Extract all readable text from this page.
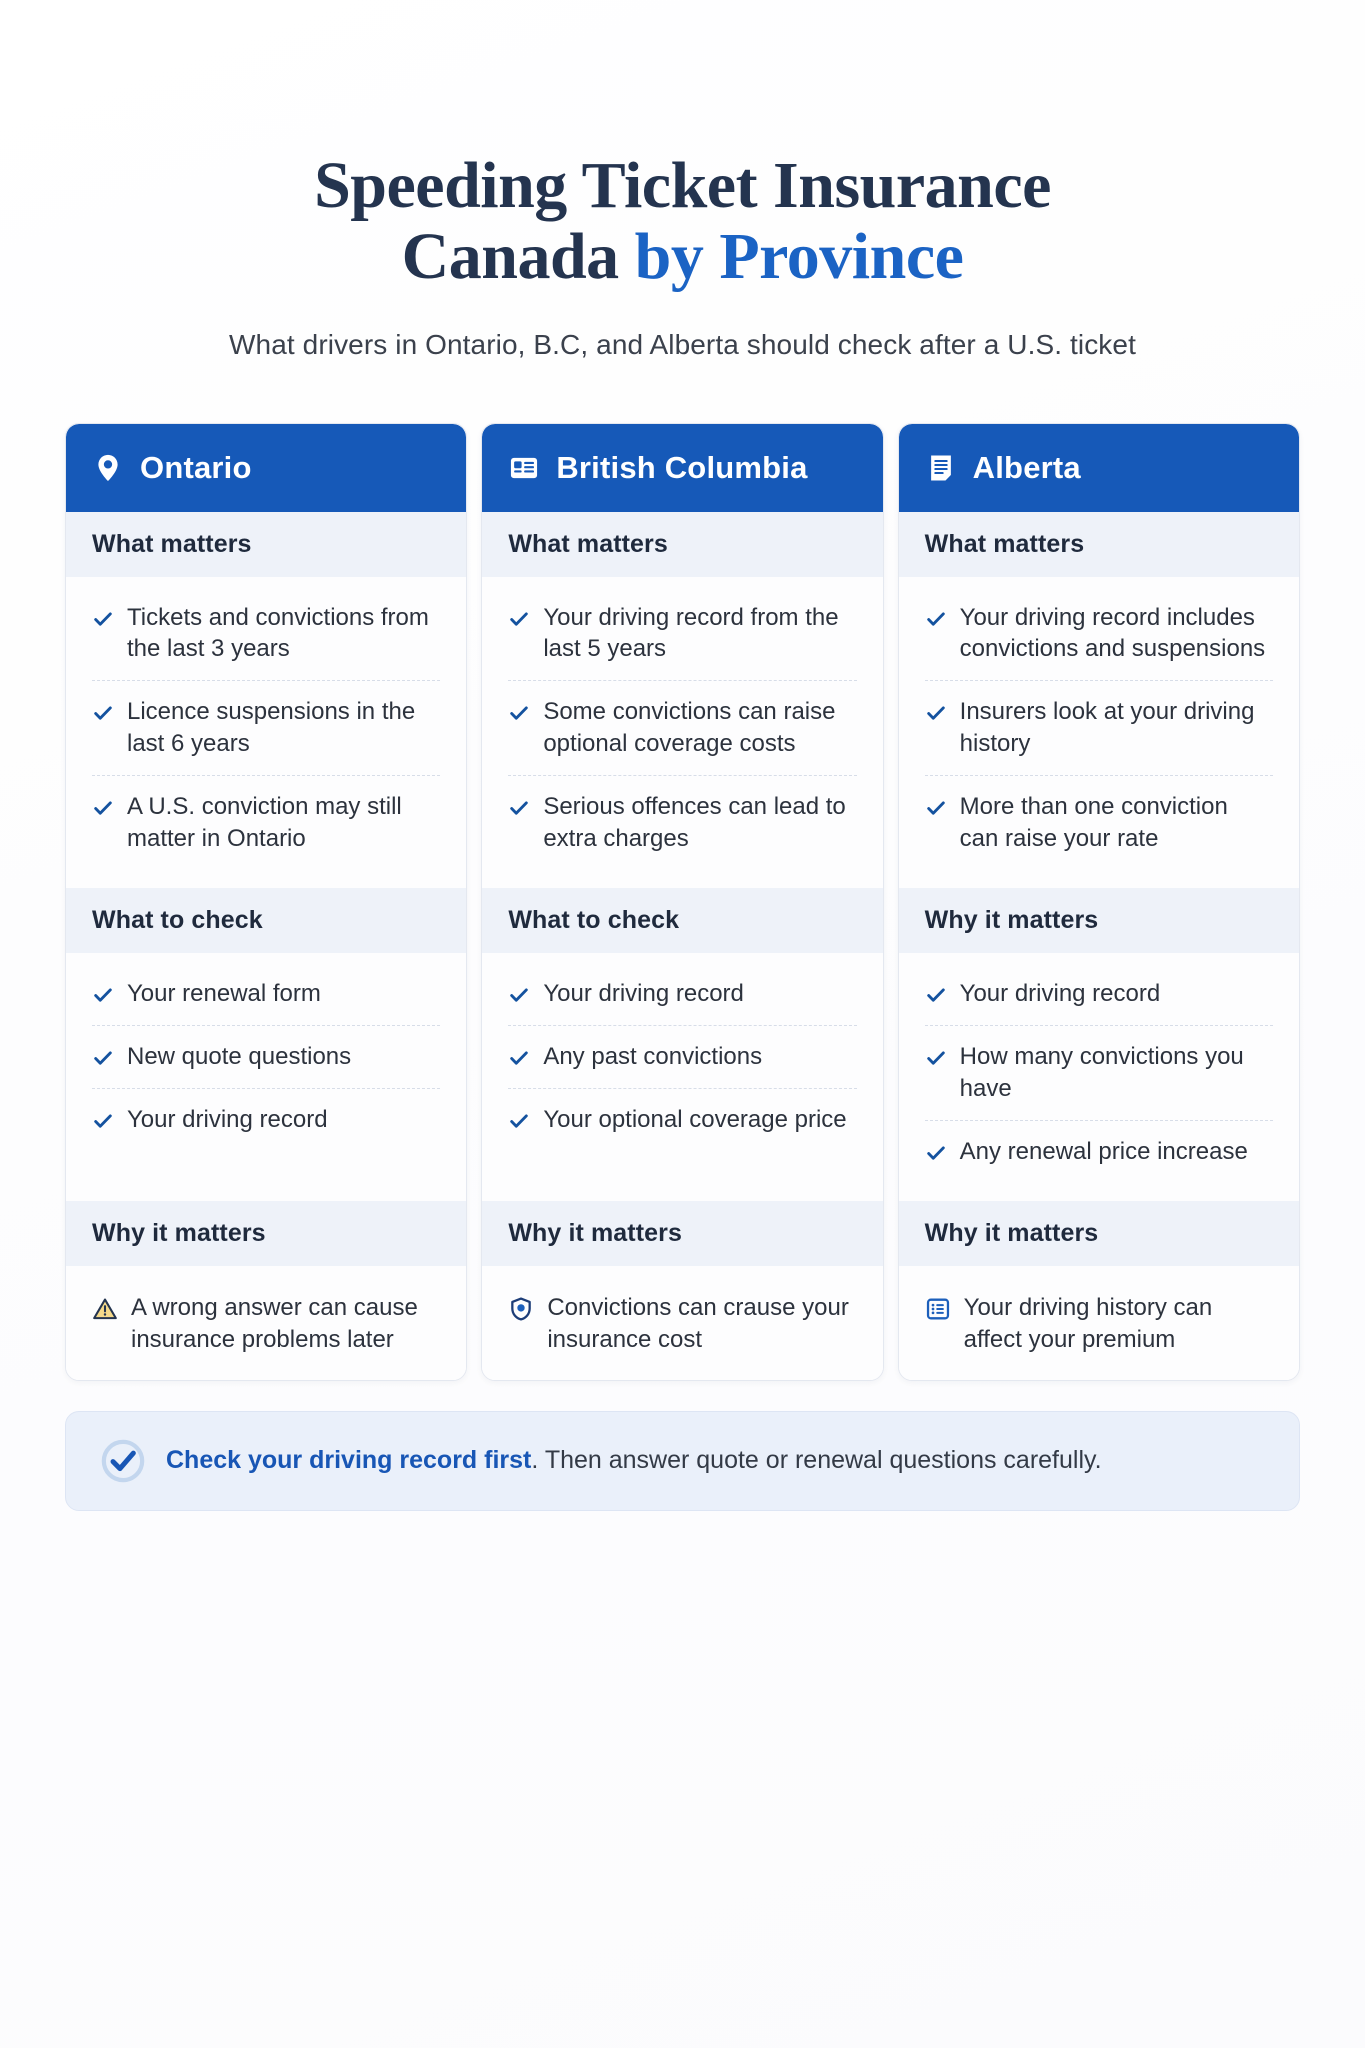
Speeding Ticket Insurance
Canada by Province

What drivers in Ontario, B.C, and Alberta should check after a U.S. ticket

Ontario
What matters
Tickets and convictions from the last 3 years
Licence suspensions in the last 6 years
A U.S. conviction may still matter in Ontario
What to check
Your renewal form
New quote questions
Your driving record
Why it matters
A wrong answer can cause insurance problems later
British Columbia
What matters
Your driving record from the last 5 years
Some convictions can raise optional coverage costs
Serious offences can lead to extra charges
What to check
Your driving record
Any past convictions
Your optional coverage price
Why it matters
Convictions can crause your insurance cost
Alberta
What matters
Your driving record includes convictions and suspensions
Insurers look at your driving history
More than one conviction can raise your rate
Why it matters
Your driving record
How many convictions you have
Any renewal price increase
Why it matters
Your driving history can affect your premium
Check your driving record first. Then answer quote or renewal questions carefully.
